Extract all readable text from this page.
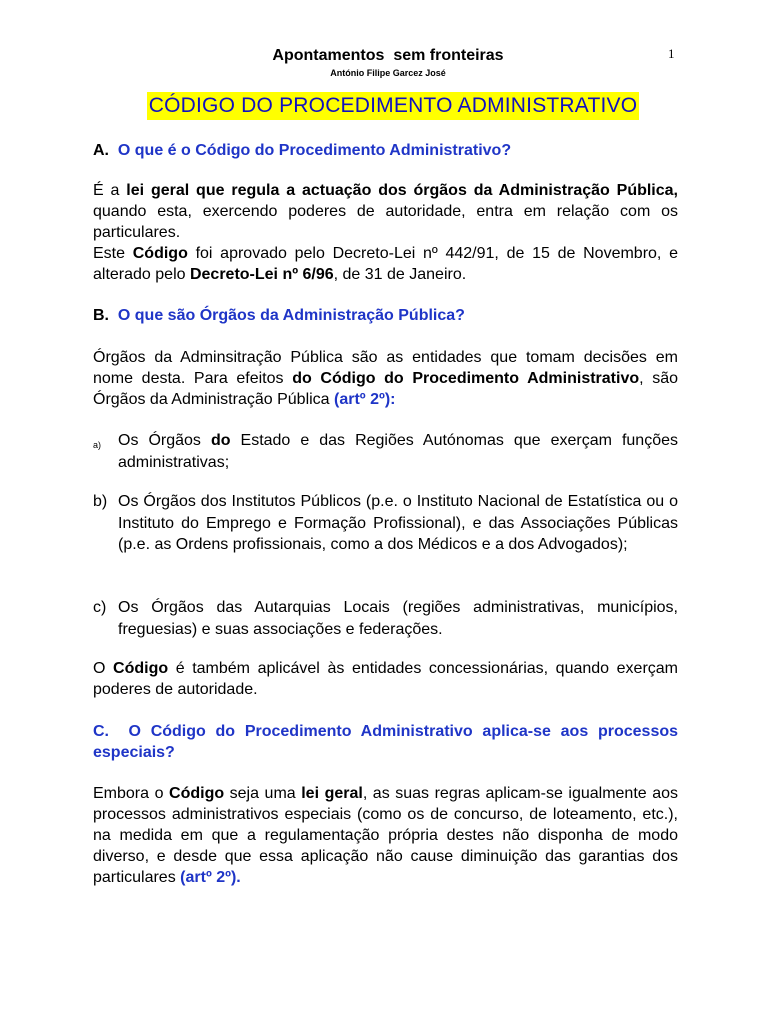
1
Apontamentos  sem fronteiras
António Filipe Garcez José
CÓDIGO DO PROCEDIMENTO ADMINISTRATIVO
A. O que é o Código do Procedimento Administrativo?
É a lei geral que regula a actuação dos órgãos da Administração Pública, quando esta, exercendo poderes de autoridade, entra em relação com os particulares.
Este Código foi aprovado pelo Decreto-Lei nº 442/91, de 15 de Novembro, e alterado pelo Decreto-Lei nº 6/96, de 31 de Janeiro.
B. O que são Órgãos da Administração Pública?
Órgãos da Adminsitração Pública são as entidades que tomam decisões em nome desta. Para efeitos do Código do Procedimento Administrativo, são Órgãos da Administração Pública (artº 2º):
a) Os Órgãos do Estado e das Regiões Autónomas que exerçam funções administrativas;
b) Os Órgãos dos Institutos Públicos (p.e. o Instituto Nacional de Estatística ou o Instituto do Emprego e Formação Profissional), e das Associações Públicas (p.e. as Ordens profissionais, como a dos Médicos e a dos Advogados);
c) Os Órgãos das Autarquias Locais (regiões administrativas, municípios, freguesias) e suas associações e federações.
O Código é também aplicável às entidades concessionárias, quando exerçam poderes de autoridade.
C. O Código do Procedimento Administrativo aplica-se aos processos especiais?
Embora o Código seja uma lei geral, as suas regras aplicam-se igualmente aos processos administrativos especiais (como os de concurso, de loteamento, etc.), na medida em que a regulamentação própria destes não disponha de modo diverso, e desde que essa aplicação não cause diminuição das garantias dos particulares (artº 2º).
